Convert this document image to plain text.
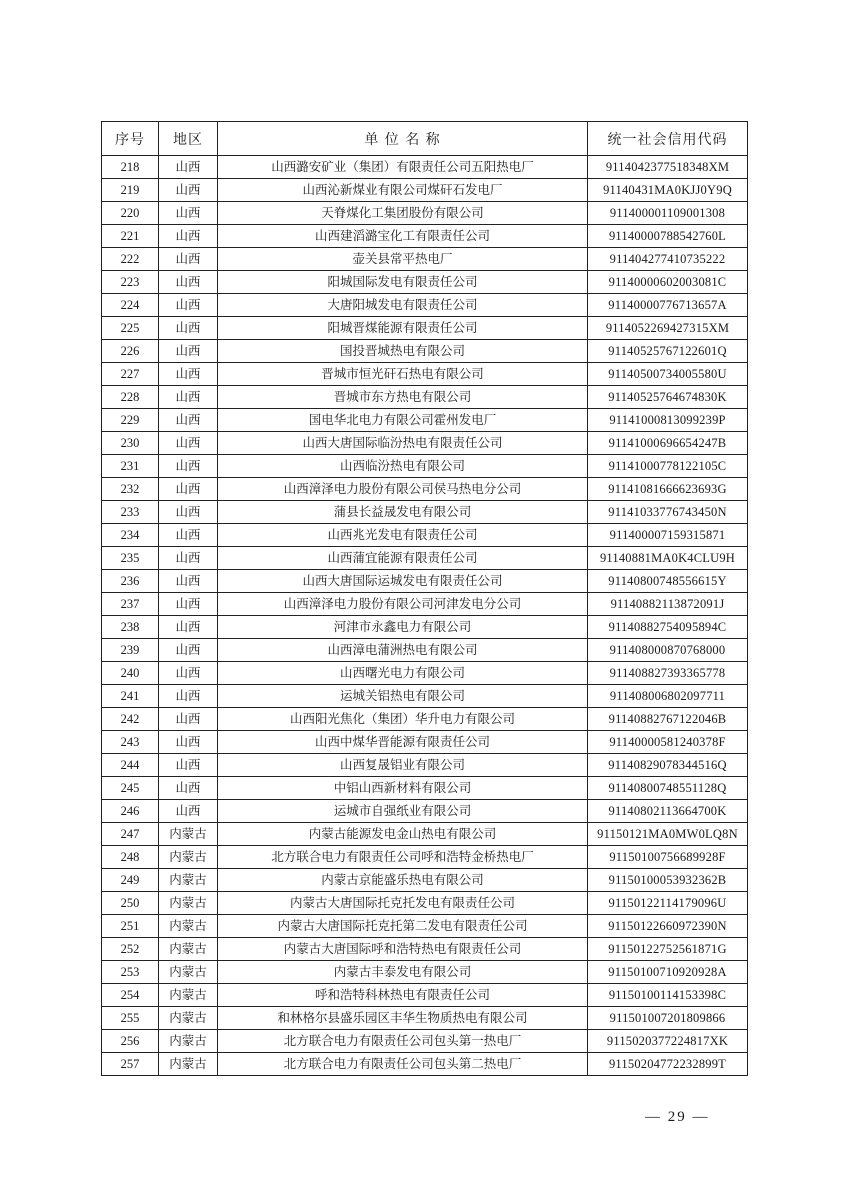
序号	地区	单 位 名 称	统一社会信用代码
218	山西	山西潞安矿业（集团）有限责任公司五阳热电厂	91140423775183​48XM
219	山西	山西沁新煤业有限公司煤矸石发电厂	91140431MA0KJJ0Y9Q
220	山西	天脊煤化工集团股份有限公司	911400001109001308
221	山西	山西建滔潞宝化工有限责任公司	91140000788542760L
222	山西	壶关县常平热电厂	911404277410735222
223	山西	阳城国际发电有限责任公司	91140000602003081C
224	山西	大唐阳城发电有限责任公司	91140000776713657A
225	山西	阳城晋煤能源有限责任公司	91140522694273​15XM
226	山西	国投晋城热电有限公司	91140525767122601Q
227	山西	晋城市恒光矸石热电有限公司	91140500734005580U
228	山西	晋城市东方热电有限公司	91140525764674830K
229	山西	国电华北电力有限公司霍州发电厂	91141000813099239P
230	山西	山西大唐国际临汾热电有限责任公司	91141000696654247B
231	山西	山西临汾热电有限公司	91141000778122105C
232	山西	山西漳泽电力股份有限公司侯马热电分公司	91141081666623693G
233	山西	蒲县长益晟发电有限公司	91141033776743450N
234	山西	山西兆光发电有限责任公司	911400007159315871
235	山西	山西蒲宜能源有限责任公司	91140881MA0K4CLU9H
236	山西	山西大唐国际运城发电有限责任公司	91140800748556615Y
237	山西	山西漳泽电力股份有限公司河津发电分公司	91140882113872091J
238	山西	河津市永鑫电力有限公司	91140882754095894C
239	山西	山西漳电蒲洲热电有限公司	911408000870768000
240	山西	山西曙光电力有限公司	911408827393365778
241	山西	运城关铝热电有限公司	911408006802097711
242	山西	山西阳光焦化（集团）华升电力有限公司	91140882767122046B
243	山西	山西中煤华晋能源有限责任公司	91140000581240378F
244	山西	山西复晟铝业有限公司	91140829078344516Q
245	山西	中铝山西新材料有限公司	91140800748551128Q
246	山西	运城市自强纸业有限公司	91140802113664700K
247	内蒙古	内蒙古能源发电金山热电有限公司	91150121MA0MW0LQ8N
248	内蒙古	北方联合电力有限责任公司呼和浩特金桥热电厂	91150100756689928F
249	内蒙古	内蒙古京能盛乐热电有限公司	91150100053932362B
250	内蒙古	内蒙古大唐国际托克托发电有限责任公司	91150122114179096U
251	内蒙古	内蒙古大唐国际托克托第二发电有限责任公司	91150122660972390N
252	内蒙古	内蒙古大唐国际呼和浩特热电有限责任公司	91150122752561871G
253	内蒙古	内蒙古丰泰发电有限公司	91150100710920928A
254	内蒙古	呼和浩特科林热电有限责任公司	91150100114153398C
255	内蒙古	和林格尔县盛乐园区丰华生物质热电有限公司	911501007201809866
256	内蒙古	北方联合电力有限责任公司包头第一热电厂	91150203772248​17XK
257	内蒙古	北方联合电力有限责任公司包头第二热电厂	91150204772232899T
— 29 —
